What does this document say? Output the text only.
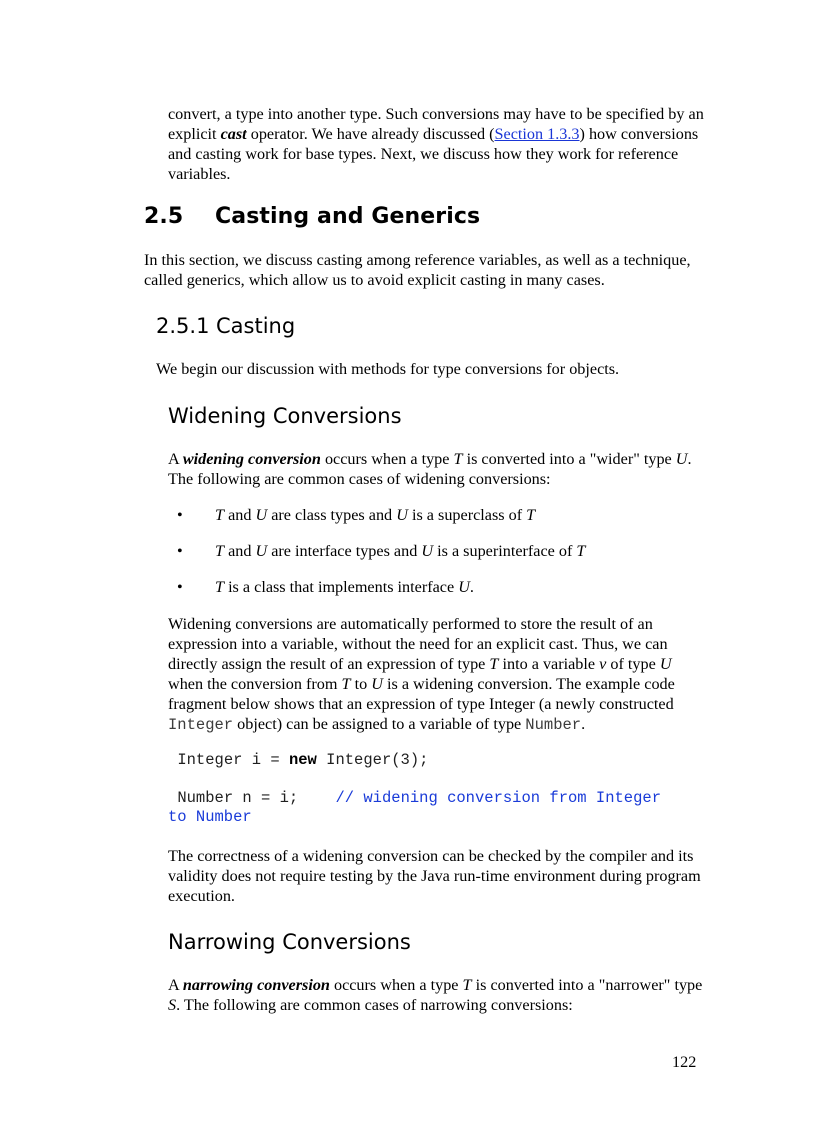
convert, a type into another type. Such conversions may have to be specified by an explicit cast operator. We have already discussed (Section 1.3.3) how conversions and casting work for base types. Next, we discuss how they work for reference variables.

2.5 Casting and Generics

In this section, we discuss casting among reference variables, as well as a technique, called generics, which allow us to avoid explicit casting in many cases.

2.5.1 Casting

We begin our discussion with methods for type conversions for objects.

Widening Conversions

A widening conversion occurs when a type T is converted into a "wider" type U. The following are common cases of widening conversions:

• T and U are class types and U is a superclass of T
• T and U are interface types and U is a superinterface of T
• T is a class that implements interface U.

Widening conversions are automatically performed to store the result of an expression into a variable, without the need for an explicit cast. Thus, we can directly assign the result of an expression of type T into a variable v of type U when the conversion from T to U is a widening conversion. The example code fragment below shows that an expression of type Integer (a newly constructed Integer object) can be assigned to a variable of type Number.

Integer i = new Integer(3);
Number n = i; // widening conversion from Integer
to Number

The correctness of a widening conversion can be checked by the compiler and its validity does not require testing by the Java run-time environment during program execution.

Narrowing Conversions

A narrowing conversion occurs when a type T is converted into a "narrower" type S. The following are common cases of narrowing conversions:

122
